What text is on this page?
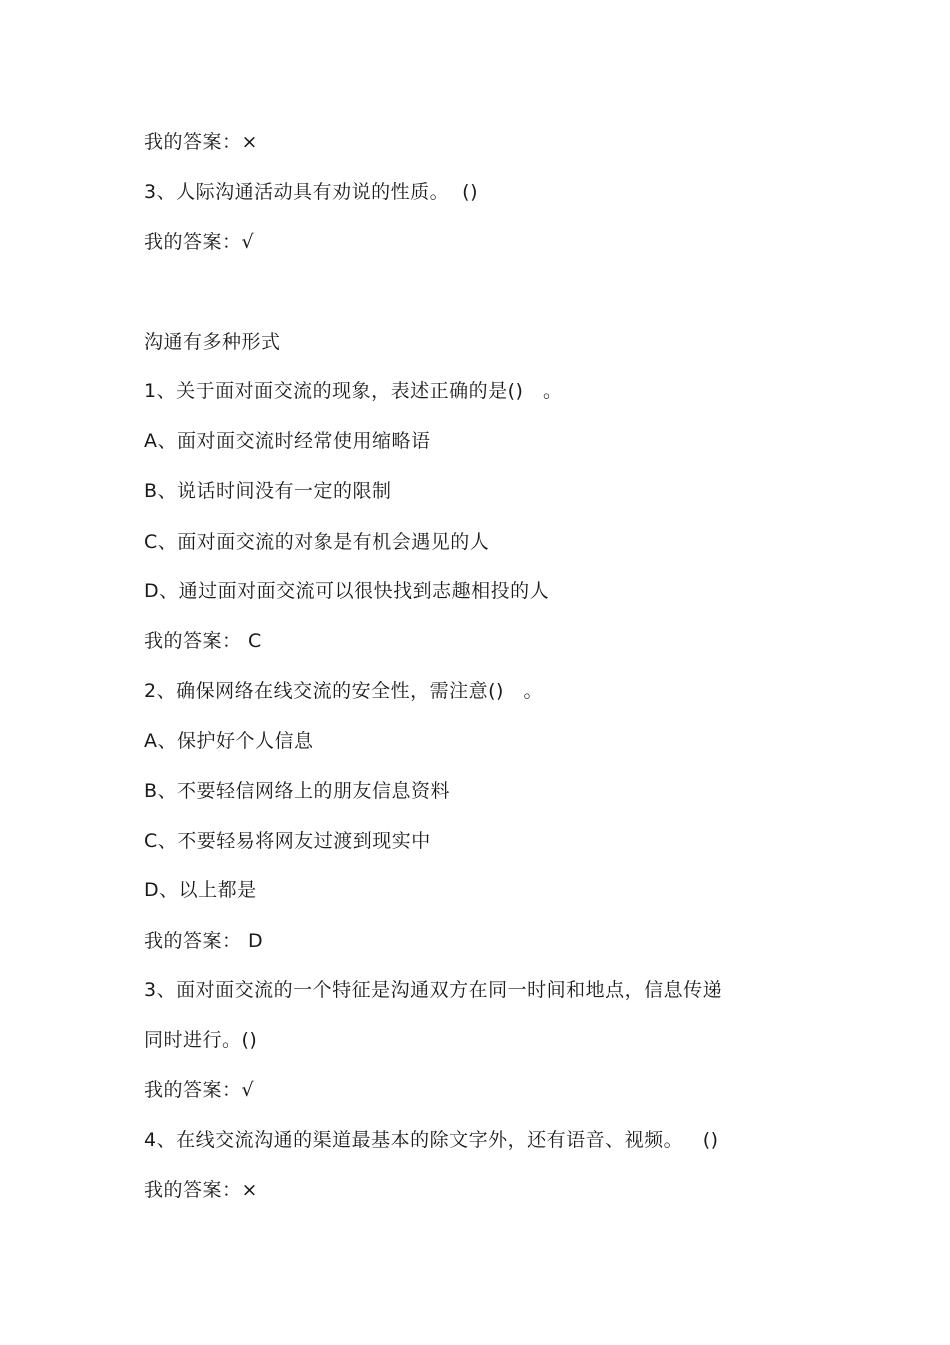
我的答案：×
3、人际沟通活动具有劝说的性质。  ()
我的答案：√
沟通有多种形式
1、关于面对面交流的现象，表述正确的是()   。
A、面对面交流时经常使用缩略语
B、说话时间没有一定的限制
C、面对面交流的对象是有机会遇见的人
D、通过面对面交流可以很快找到志趣相投的人
我的答案： C
2、确保网络在线交流的安全性，需注意()   。
A、保护好个人信息
B、不要轻信网络上的朋友信息资料
C、不要轻易将网友过渡到现实中
D、以上都是
我的答案： D
3、面对面交流的一个特征是沟通双方在同一时间和地点，信息传递
同时进行。()
我的答案：√
4、在线交流沟通的渠道最基本的除文字外，还有语音、视频。   ()
我的答案：×
